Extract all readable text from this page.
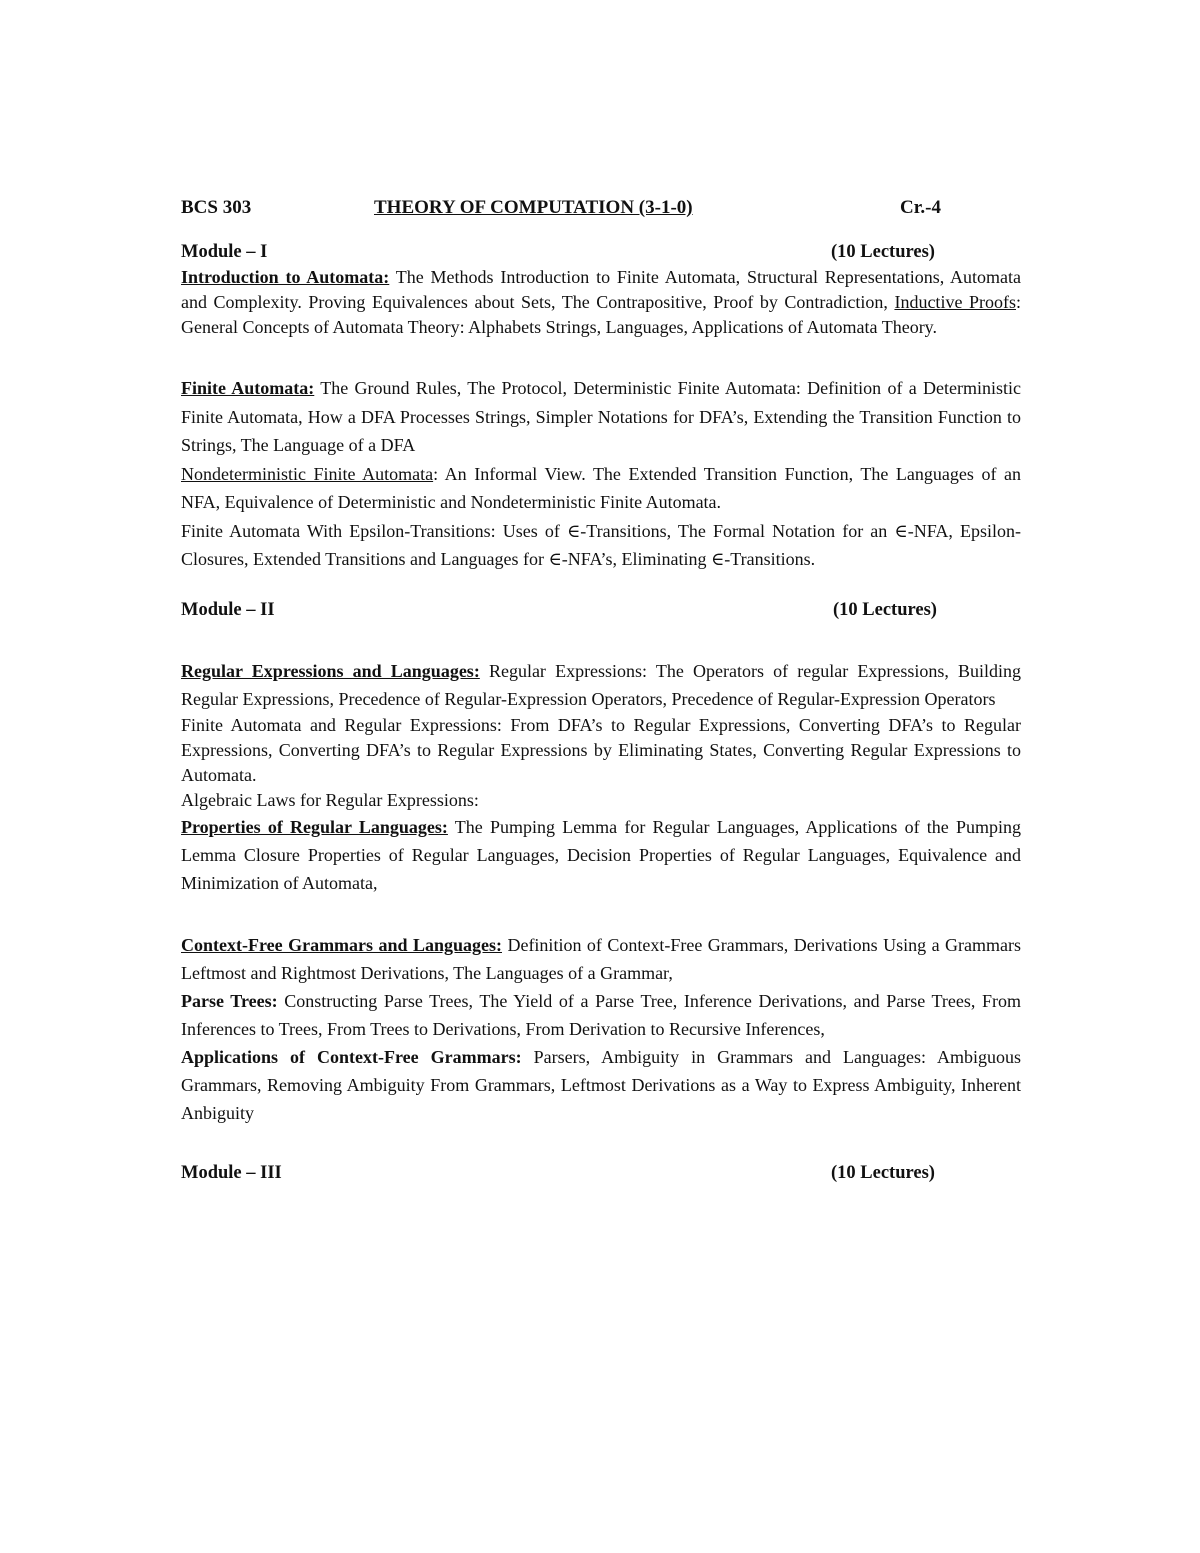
BCS 303	THEORY OF COMPUTATION (3-1-0)	Cr.-4
Module – I	(10 Lectures)

Introduction to Automata: The Methods Introduction to Finite Automata, Structural Representations, Automata and Complexity. Proving Equivalences about Sets, The Contrapositive, Proof by Contradiction, Inductive Proofs: General Concepts of Automata Theory: Alphabets Strings, Languages, Applications of Automata Theory.

Finite Automata: The Ground Rules, The Protocol, Deterministic Finite Automata: Definition of a Deterministic Finite Automata, How a DFA Processes Strings, Simpler Notations for DFA’s, Extending the Transition Function to Strings, The Language of a DFA

Nondeterministic Finite Automata: An Informal View. The Extended Transition Function, The Languages of an NFA, Equivalence of Deterministic and Nondeterministic Finite Automata.

Finite Automata With Epsilon-Transitions: Uses of ∈-Transitions, The Formal Notation for an ∈-NFA, Epsilon-Closures, Extended Transitions and Languages for ∈-NFA’s, Eliminating ∈-Transitions.

Module – II	(10 Lectures)

Regular Expressions and Languages: Regular Expressions: The Operators of regular Expressions, Building Regular Expressions, Precedence of Regular-Expression Operators, Precedence of Regular-Expression Operators

Finite Automata and Regular Expressions: From DFA’s to Regular Expressions, Converting DFA’s to Regular Expressions, Converting DFA’s to Regular Expressions by Eliminating States, Converting Regular Expressions to Automata.

Algebraic Laws for Regular Expressions:

Properties of Regular Languages: The Pumping Lemma for Regular Languages, Applications of the Pumping Lemma Closure Properties of Regular Languages, Decision Properties of Regular Languages, Equivalence and Minimization of Automata,

Context-Free Grammars and Languages: Definition of Context-Free Grammars, Derivations Using a Grammars Leftmost and Rightmost Derivations, The Languages of a Grammar,

Parse Trees: Constructing Parse Trees, The Yield of a Parse Tree, Inference Derivations, and Parse Trees, From Inferences to Trees, From Trees to Derivations, From Derivation to Recursive Inferences,

Applications of Context-Free Grammars: Parsers, Ambiguity in Grammars and Languages: Ambiguous Grammars, Removing Ambiguity From Grammars, Leftmost Derivations as a Way to Express Ambiguity, Inherent Anbiguity

Module – III	(10 Lectures)
